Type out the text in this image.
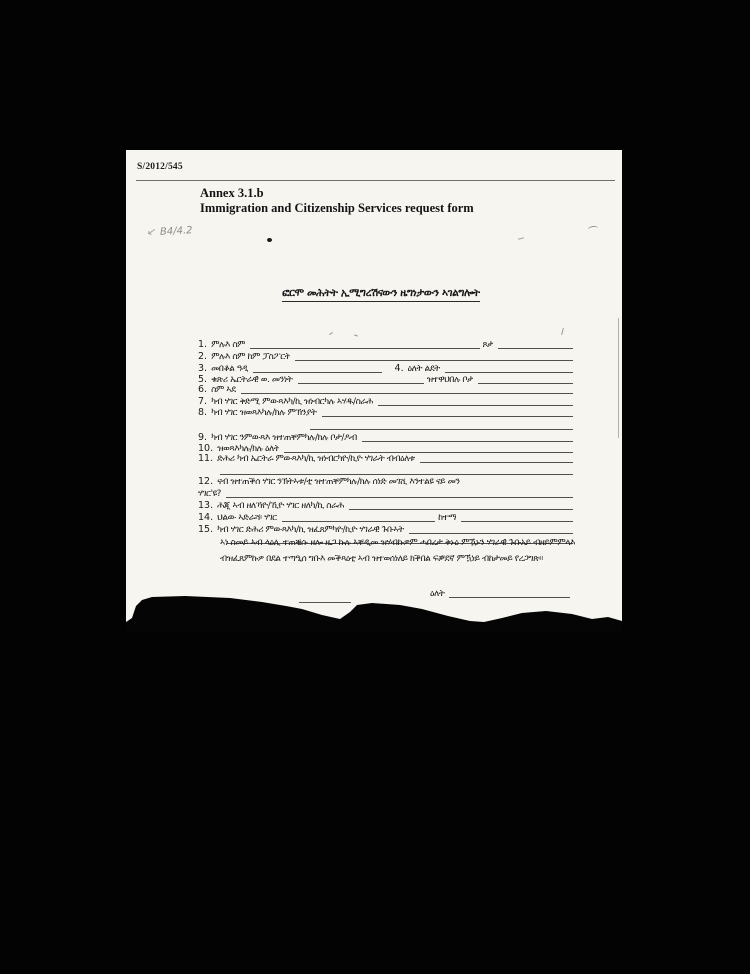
S/2012/545
Annex 3.1.b
Immigration and Citizenship Services request form
↙ B4/4.2
ፎርሞ መሕትት ኢሚግረሽናውን ዜግነታውን ኣገልግሎት
1. ምሉእ ስም	ጾታ
2. ምሉእ ስም ከም ፓስፖርት
3. መበቆል ዓዲ	4. ዕለት ልደት
5. ቁጽሪ ኤርትራዊ ወ. መንነት	ዝተዋህበሉ ቦታ
6. ስም ኣደ
7. ካብ ሃገር ቅድሚ ምውጻእካ/ኪ ዝነብርካሉ ኣሃዱ/ስራሕ
8. ካብ ሃገር ዝወጻእካሉ/ክሉ ምኽንያት
9. ካብ ሃገር ንምውጻእ ዝተጠቐምካሉ/ክሉ ቦታ/ዶብ
10. ዝወጻእካሉ/ክሉ ዕለት
11. ድሕሪ ካብ ኤርትራ ምውጻእካ/ኪ ዝነብርካዮ/ኪዮ ሃገራት ብብዕለቱ
12. ናብ ዝተጠቕሰ ሃገር ንኽትኣቱ/ቲ ዝተጠቐምካሉ/ክሉ ሰነድ መገሺ እንተልዩ ናይ መን
ሃገር'ዩ?
13. ሕጂ ኣብ ዘለኻዮ/ኺዮ ሃገር ዘለካ/ኪ ስራሕ
14. ህልው ኣድራሻ፡ ሃገር	ከተማ
15. ካብ ሃገር ድሕሪ ምውጻእካ/ኪ ዝፈጸምካዮ/ኪዮ ሃገራዊ ጉቡኣት
ኣነ ስመይ ኣብ ላዕሊ ተጠቒሱ ዘሎ ዜጋ ኩሉ ኣቐዲመ ዝሃብኩዎም ሓበረታ ቅኑዕ ምዃኑን ሃገራዊ ጉቡአይ ብዘይምምላእ ብዝፈጸምኩዎ በደል ተጣዒሰ ግቡእ መቕጻዕቲ ኣብ ዝተወሰነለይ ክቕበል ፍቓደኛ ምዃነይ ብከታመይ የረጋግጽ።
ዕለት
